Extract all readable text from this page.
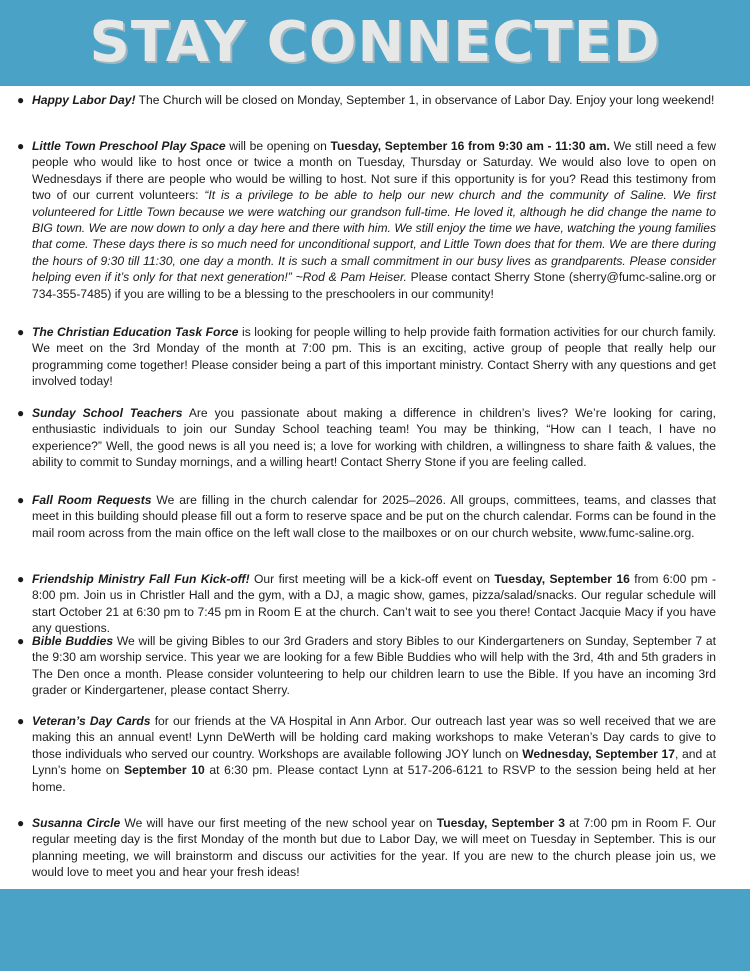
STAY CONNECTED
● Happy Labor Day! The Church will be closed on Monday, September 1, in observance of Labor Day. Enjoy your long weekend!
● Little Town Preschool Play Space will be opening on Tuesday, September 16 from 9:30 am - 11:30 am. We still need a few people who would like to host once or twice a month on Tuesday, Thursday or Saturday. We would also love to open on Wednesdays if there are people who would be willing to host. Not sure if this opportunity is for you? Read this testimony from two of our current volunteers: “It is a privilege to be able to help our new church and the community of Saline. We first volunteered for Little Town because we were watching our grandson full-time. He loved it, although he did change the name to BIG town. We are now down to only a day here and there with him. We still enjoy the time we have, watching the young families that come. These days there is so much need for unconditional support, and Little Town does that for them. We are there during the hours of 9:30 till 11:30, one day a month. It is such a small commitment in our busy lives as grandparents. Please consider helping even if it’s only for that next generation!” ~Rod & Pam Heiser. Please contact Sherry Stone (sherry@fumc-saline.org or 734-355-7485) if you are willing to be a blessing to the preschoolers in our community!
● The Christian Education Task Force is looking for people willing to help provide faith formation activities for our church family. We meet on the 3rd Monday of the month at 7:00 pm. This is an exciting, active group of people that really help our programming come together! Please consider being a part of this important ministry. Contact Sherry with any questions and get involved today!
● Sunday School Teachers Are you passionate about making a difference in children’s lives? We’re looking for caring, enthusiastic individuals to join our Sunday School teaching team! You may be thinking, “How can I teach, I have no experience?” Well, the good news is all you need is; a love for working with children, a willingness to share faith & values, the ability to commit to Sunday mornings, and a willing heart! Contact Sherry Stone if you are feeling called.
● Fall Room Requests We are filling in the church calendar for 2025–2026. All groups, committees, teams, and classes that meet in this building should please fill out a form to reserve space and be put on the church calendar. Forms can be found in the mail room across from the main office on the left wall close to the mailboxes or on our church website, www.fumc-saline.org.
● Friendship Ministry Fall Fun Kick-off! Our first meeting will be a kick-off event on Tuesday, September 16 from 6:00 pm - 8:00 pm. Join us in Christler Hall and the gym, with a DJ, a magic show, games, pizza/salad/snacks. Our regular schedule will start October 21 at 6:30 pm to 7:45 pm in Room E at the church. Can’t wait to see you there! Contact Jacquie Macy if you have any questions.
● Bible Buddies We will be giving Bibles to our 3rd Graders and story Bibles to our Kindergarteners on Sunday, September 7 at the 9:30 am worship service. This year we are looking for a few Bible Buddies who will help with the 3rd, 4th and 5th graders in The Den once a month. Please consider volunteering to help our children learn to use the Bible. If you have an incoming 3rd grader or Kindergartener, please contact Sherry.
● Veteran’s Day Cards for our friends at the VA Hospital in Ann Arbor. Our outreach last year was so well received that we are making this an annual event! Lynn DeWerth will be holding card making workshops to make Veteran’s Day cards to give to those individuals who served our country. Workshops are available following JOY lunch on Wednesday, September 17, and at Lynn’s home on September 10 at 6:30 pm. Please contact Lynn at 517-206-6121 to RSVP to the session being held at her home.
● Susanna Circle We will have our first meeting of the new school year on Tuesday, September 3 at 7:00 pm in Room F. Our regular meeting day is the first Monday of the month but due to Labor Day, we will meet on Tuesday in September. This is our planning meeting, we will brainstorm and discuss our activities for the year. If you are new to the church please join us, we would love to meet you and hear your fresh ideas!
